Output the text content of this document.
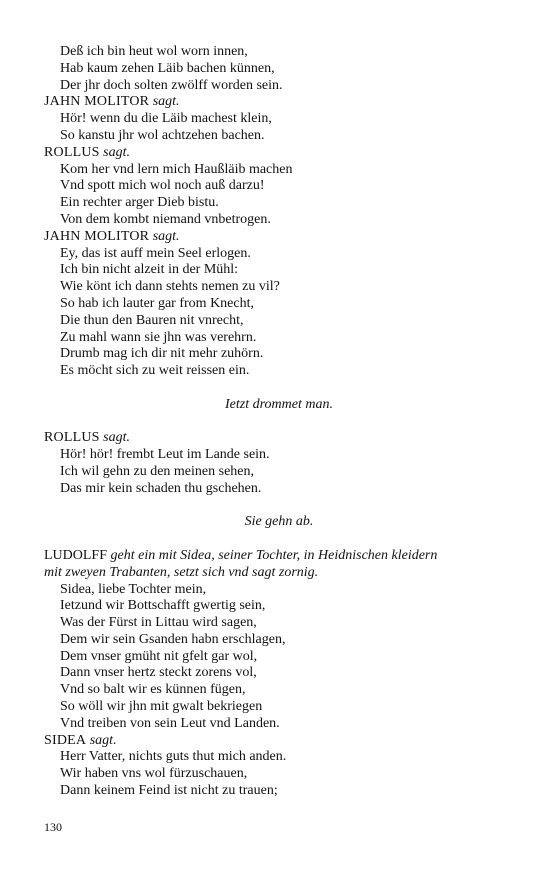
Deß ich bin heut wol worn innen,
Hab kaum zehen Läib bachen künnen,
Der jhr doch solten zwölff worden sein.
JAHN MOLITOR sagt.
Hör! wenn du die Läib machest klein,
So kanstu jhr wol achtzehen bachen.
ROLLUS sagt.
Kom her vnd lern mich Haußläib machen
Vnd spott mich wol noch auß darzu!
Ein rechter arger Dieb bistu.
Von dem kombt niemand vnbetrogen.
JAHN MOLITOR sagt.
Ey, das ist auff mein Seel erlogen.
Ich bin nicht alzeit in der Mühl:
Wie könt ich dann stehts nemen zu vil?
So hab ich lauter gar from Knecht,
Die thun den Bauren nit vnrecht,
Zu mahl wann sie jhn was verehrn.
Drumb mag ich dir nit mehr zuhörn.
Es möcht sich zu weit reissen ein.
Ietzt drommet man.
ROLLUS sagt.
Hör! hör! frembt Leut im Lande sein.
Ich wil gehn zu den meinen sehen,
Das mir kein schaden thu gschehen.
Sie gehn ab.
LUDOLFF geht ein mit Sidea, seiner Tochter, in Heidnischen kleidern
mit zweyen Trabanten, setzt sich vnd sagt zornig.
Sidea, liebe Tochter mein,
Ietzund wir Bottschafft gwertig sein,
Was der Fürst in Littau wird sagen,
Dem wir sein Gsanden habn erschlagen,
Dem vnser gmüht nit gfelt gar wol,
Dann vnser hertz steckt zorens vol,
Vnd so balt wir es künnen fügen,
So wöll wir jhn mit gwalt bekriegen
Vnd treiben von sein Leut vnd Landen.
SIDEA sagt.
Herr Vatter, nichts guts thut mich anden.
Wir haben vns wol fürzuschauen,
Dann keinem Feind ist nicht zu trauen;
130
